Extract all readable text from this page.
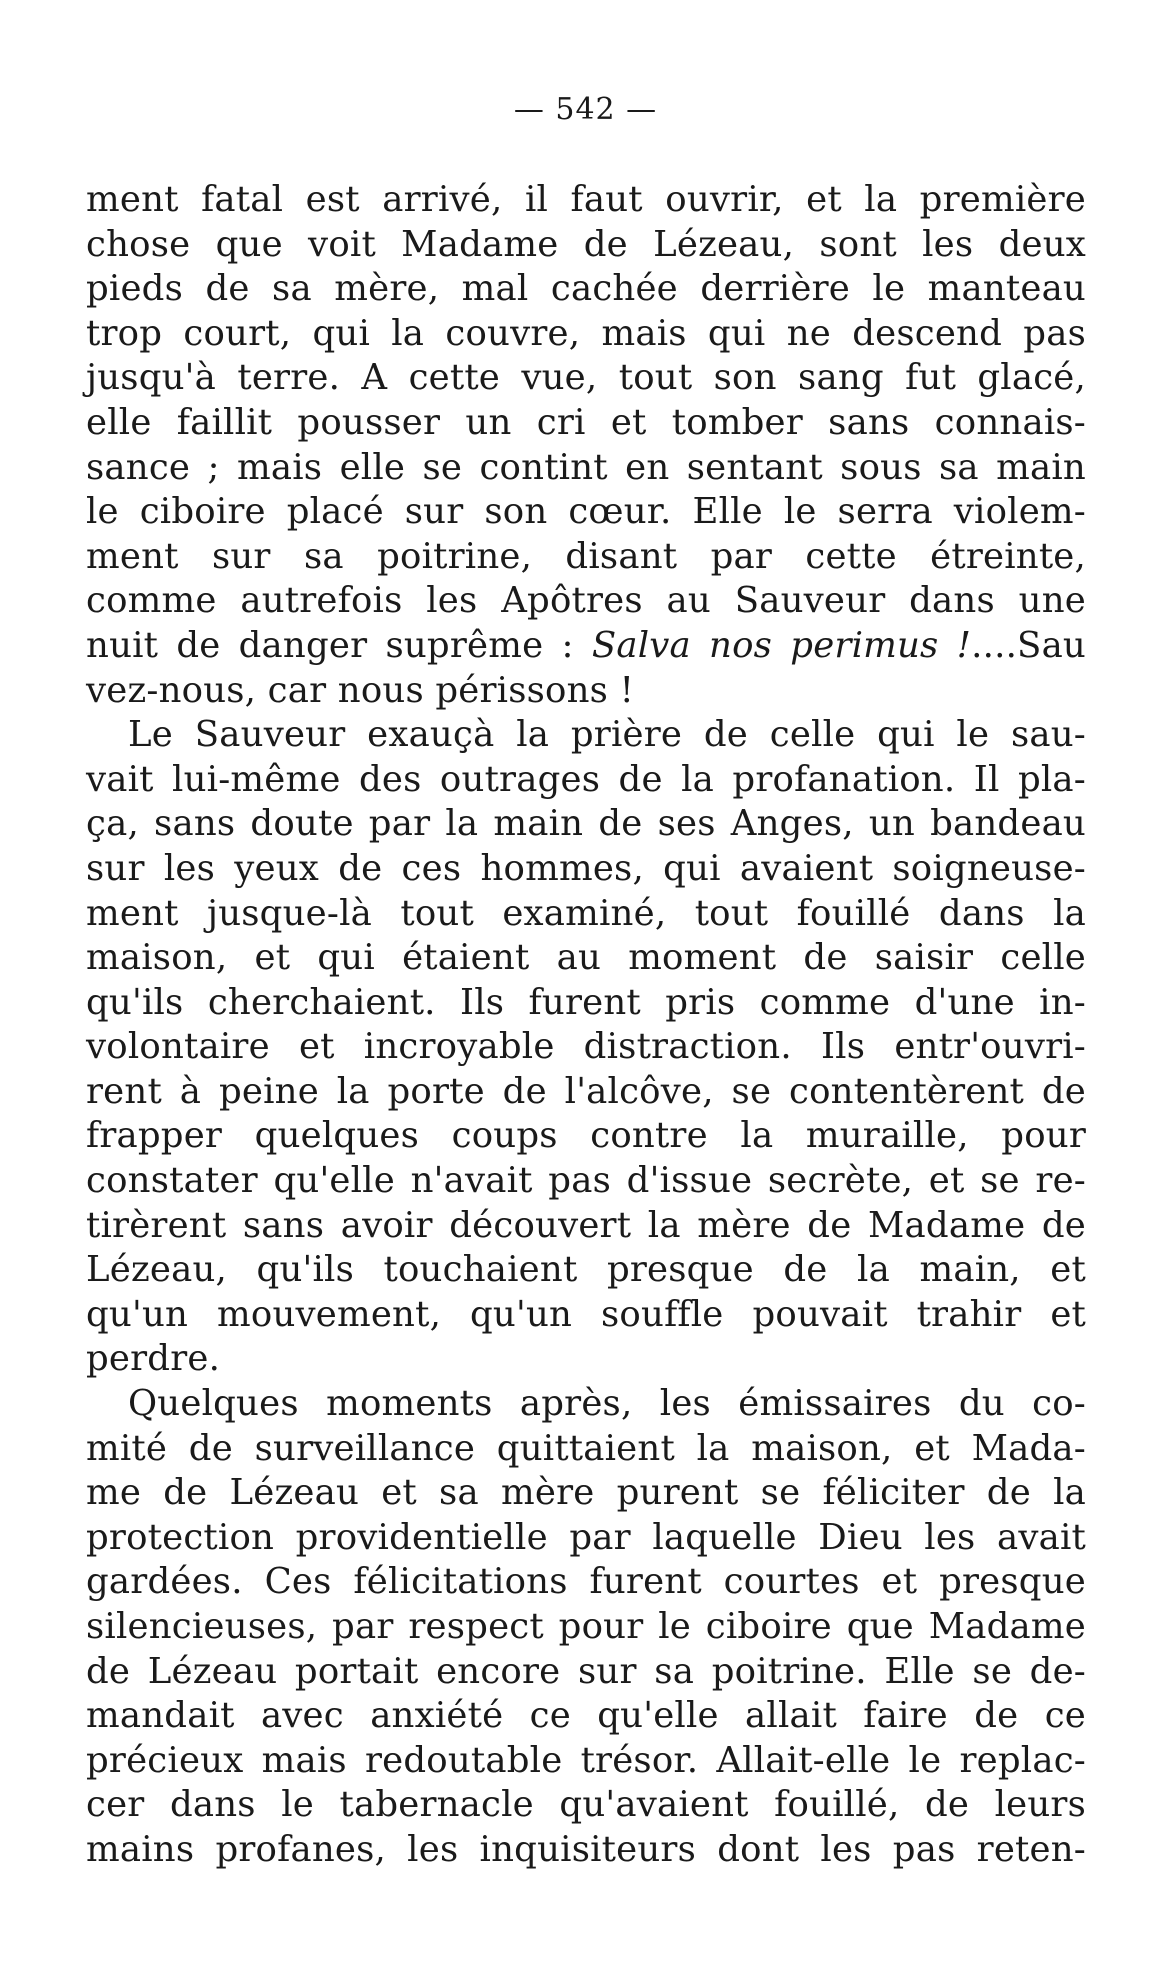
— 542 —
ment fatal est arrivé, il faut ouvrir, et la première
chose que voit Madame de Lézeau, sont les deux
pieds de sa mère, mal cachée derrière le manteau
trop court, qui la couvre, mais qui ne descend pas
jusqu'à terre. A cette vue, tout son sang fut glacé,
elle faillit pousser un cri et tomber sans connais-
sance ; mais elle se contint en sentant sous sa main
le ciboire placé sur son cœur. Elle le serra violem-
ment sur sa poitrine, disant par cette étreinte,
comme autrefois les Apôtres au Sauveur dans une
nuit de danger suprême : Salva nos perimus !....Sau
vez-nous, car nous périssons !
Le Sauveur exauçà la prière de celle qui le sau-
vait lui-même des outrages de la profanation. Il pla-
ça, sans doute par la main de ses Anges, un bandeau
sur les yeux de ces hommes, qui avaient soigneuse-
ment jusque-là tout examiné, tout fouillé dans la
maison, et qui étaient au moment de saisir celle
qu'ils cherchaient. Ils furent pris comme d'une in-
volontaire et incroyable distraction. Ils entr'ouvri-
rent à peine la porte de l'alcôve, se contentèrent de
frapper quelques coups contre la muraille, pour
constater qu'elle n'avait pas d'issue secrète, et se re-
tirèrent sans avoir découvert la mère de Madame de
Lézeau, qu'ils touchaient presque de la main, et
qu'un mouvement, qu'un souffle pouvait trahir et
perdre.
Quelques moments après, les émissaires du co-
mité de surveillance quittaient la maison, et Mada-
me de Lézeau et sa mère purent se féliciter de la
protection providentielle par laquelle Dieu les avait
gardées. Ces félicitations furent courtes et presque
silencieuses, par respect pour le ciboire que Madame
de Lézeau portait encore sur sa poitrine. Elle se de-
mandait avec anxiété ce qu'elle allait faire de ce
précieux mais redoutable trésor. Allait-elle le replac-
cer dans le tabernacle qu'avaient fouillé, de leurs
mains profanes, les inquisiteurs dont les pas reten-
